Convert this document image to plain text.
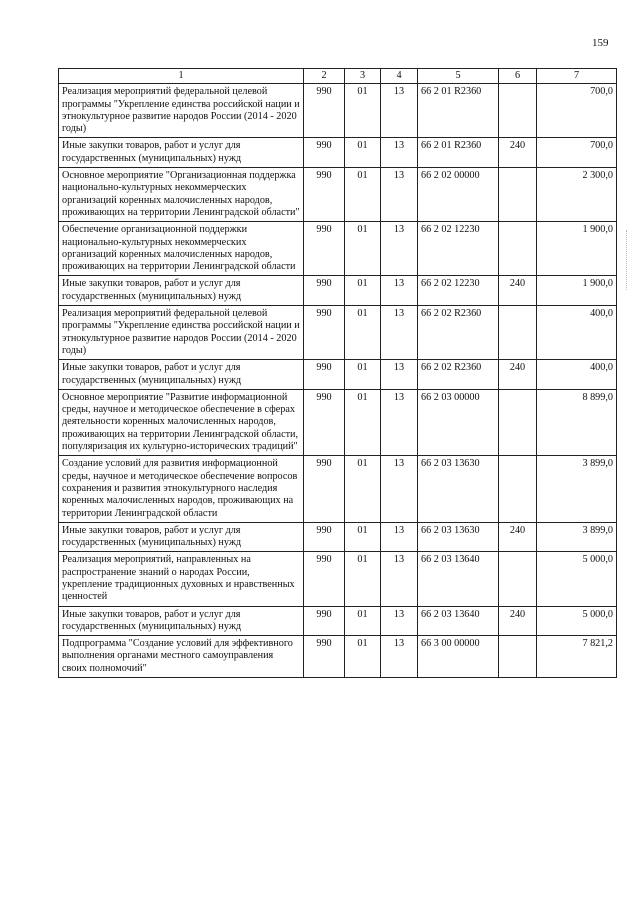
159
1	2	3	4	5	6	7
Реализация мероприятий федеральной целевой программы "Укрепление единства российской нации и этнокультурное развитие народов России (2014 - 2020 годы)	990	01	13	66 2 01 R2360		700,0
Иные закупки товаров, работ и услуг для государственных (муниципальных) нужд	990	01	13	66 2 01 R2360	240	700,0
Основное мероприятие "Организационная поддержка национально-культурных некоммерческих организаций коренных малочисленных народов, проживающих на территории Ленинградской области"	990	01	13	66 2 02 00000		2 300,0
Обеспечение организационной поддержки национально-культурных некоммерческих организаций коренных малочисленных народов, проживающих на территории Ленинградской области	990	01	13	66 2 02 12230		1 900,0
Иные закупки товаров, работ и услуг для государственных (муниципальных) нужд	990	01	13	66 2 02 12230	240	1 900,0
Реализация мероприятий федеральной целевой программы "Укрепление единства российской нации и этнокультурное развитие народов России (2014 - 2020 годы)	990	01	13	66 2 02 R2360		400,0
Иные закупки товаров, работ и услуг для государственных (муниципальных) нужд	990	01	13	66 2 02 R2360	240	400,0
Основное мероприятие "Развитие информационной среды, научное и методическое обеспечение в сферах деятельности коренных малочисленных народов, проживающих на территории Ленинградской области, популяризация их культурно-исторических традиций"	990	01	13	66 2 03 00000		8 899,0
Создание условий для развития информационной среды, научное и методическое обеспечение вопросов сохранения и развития этнокультурного наследия коренных малочисленных народов, проживающих на территории Ленинградской области	990	01	13	66 2 03 13630		3 899,0
Иные закупки товаров, работ и услуг для государственных (муниципальных) нужд	990	01	13	66 2 03 13630	240	3 899,0
Реализация мероприятий, направленных на распространение знаний о народах России, укрепление традиционных духовных и нравственных ценностей	990	01	13	66 2 03 13640		5 000,0
Иные закупки товаров, работ и услуг для государственных (муниципальных) нужд	990	01	13	66 2 03 13640	240	5 000,0
Подпрограмма "Создание условий для эффективного выполнения органами местного самоуправления своих полномочий"	990	01	13	66 3 00 00000		7 821,2
